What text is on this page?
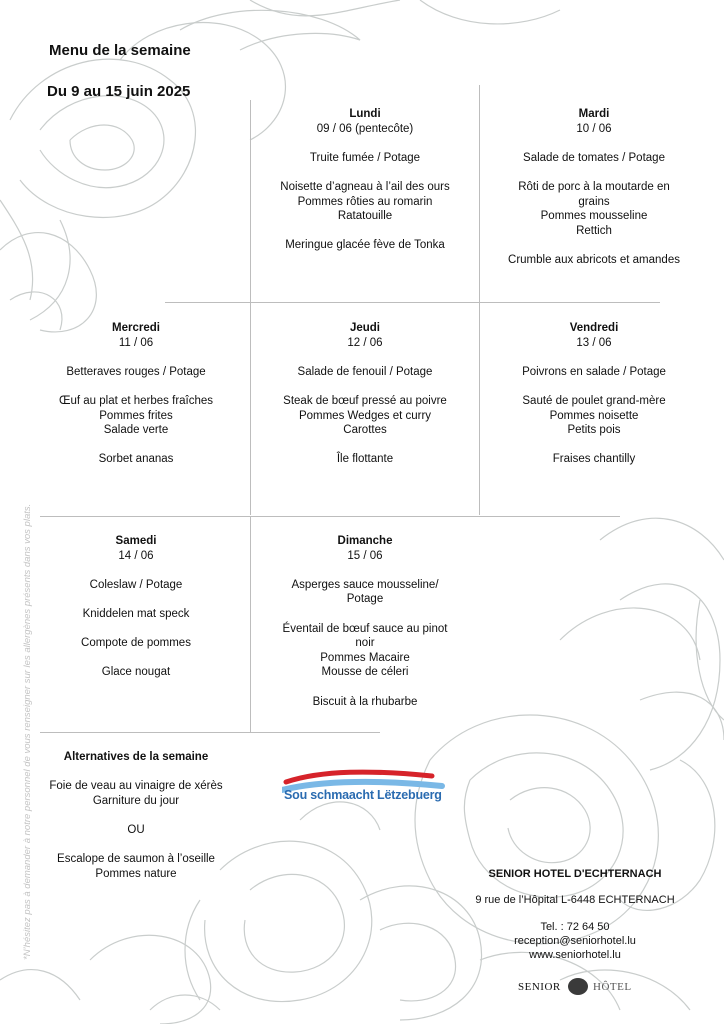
Menu de la semaine
Du 9 au 15 juin 2025
Lundi
09 / 06 (pentecôte)
Truite fumée / Potage
Noisette d’agneau à l’ail des ours
Pommes rôties au romarin
Ratatouille
Meringue glacée fève de Tonka
Mardi
10 / 06
Salade de tomates / Potage
Rôti de porc à la moutarde en
grains
Pommes mousseline
Rettich
Crumble aux abricots et amandes
Mercredi
11 / 06
Betteraves rouges / Potage
Œuf au plat et herbes fraîches
Pommes frites
Salade verte
Sorbet ananas
Jeudi
12 / 06
Salade de fenouil / Potage
Steak de bœuf pressé au poivre
Pommes Wedges et curry
Carottes
Île flottante
Vendredi
13 / 06
Poivrons en salade / Potage
Sauté de poulet grand-mère
Pommes noisette
Petits pois
Fraises chantilly
Samedi
14 / 06
Coleslaw / Potage
Kniddelen mat speck
Compote de pommes
Glace nougat
Dimanche
15 / 06
Asperges sauce mousseline/
Potage
Éventail de bœuf sauce au pinot
noir
Pommes Macaire
Mousse de céleri
Biscuit à la rhubarbe
Alternatives de la semaine
Foie de veau au vinaigre de xérès
Garniture du jour
OU
Escalope de saumon à l’oseille
Pommes nature
Sou schmaacht Lëtzebuerg
SENIOR HOTEL D'ECHTERNACH
9 rue de l’Hôpital L-6448 ECHTERNACH
Tel. : 72 64 50
reception@seniorhotel.lu
www.seniorhotel.lu
SENIOR	HÔTEL
*N’hésitez pas à demander à notre personnel de vous renseigner sur les allergènes présents dans vos plats.
